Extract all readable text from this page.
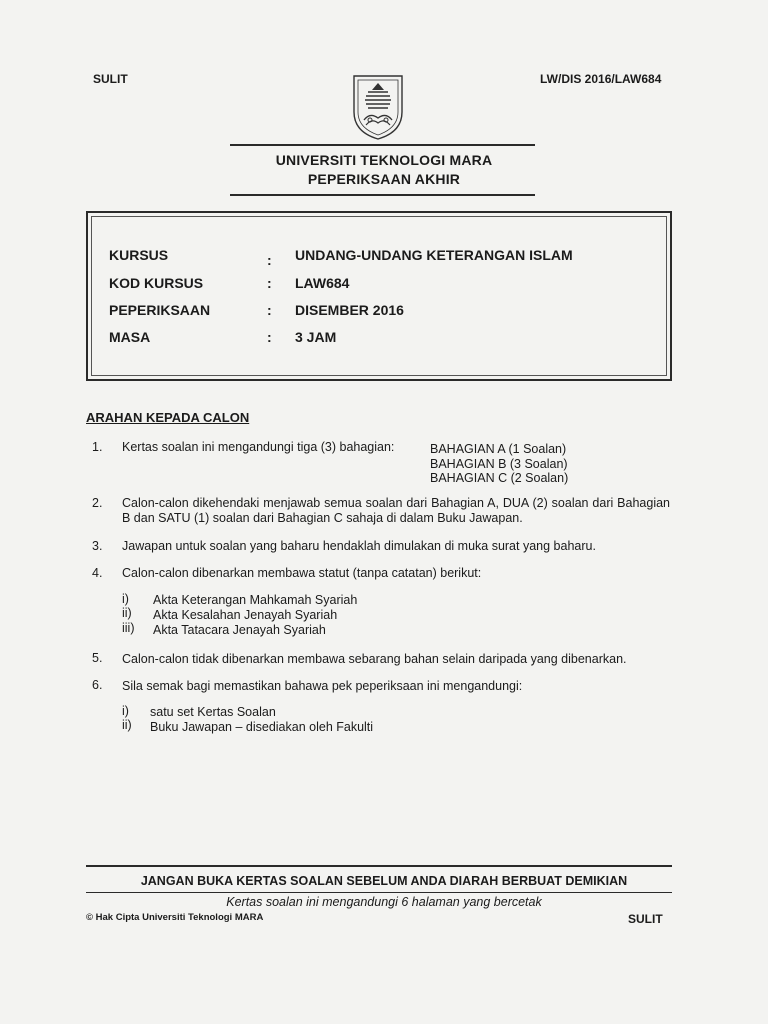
SULIT	LW/DIS 2016/LAW684
UNIVERSITI TEKNOLOGI MARA
PEPERIKSAAN AKHIR
KURSUS	: UNDANG-UNDANG KETERANGAN ISLAM
KOD KURSUS	: LAW684
PEPERIKSAAN	: DISEMBER 2016
MASA	: 3 JAM
ARAHAN KEPADA CALON
1. Kertas soalan ini mengandungi tiga (3) bahagian:	BAHAGIAN A (1 Soalan)
BAHAGIAN B (3 Soalan)
BAHAGIAN C (2 Soalan)
2. Calon-calon dikehendaki menjawab semua soalan dari Bahagian A, DUA (2) soalan dari Bahagian B dan SATU (1) soalan dari Bahagian C sahaja di dalam Buku Jawapan.
3. Jawapan untuk soalan yang baharu hendaklah dimulakan di muka surat yang baharu.
4. Calon-calon dibenarkan membawa statut (tanpa catatan) berikut:
i) Akta Keterangan Mahkamah Syariah
ii) Akta Kesalahan Jenayah Syariah
iii) Akta Tatacara Jenayah Syariah
5. Calon-calon tidak dibenarkan membawa sebarang bahan selain daripada yang dibenarkan.
6. Sila semak bagi memastikan bahawa pek peperiksaan ini mengandungi:
i) satu set Kertas Soalan
ii) Buku Jawapan – disediakan oleh Fakulti
JANGAN BUKA KERTAS SOALAN SEBELUM ANDA DIARAH BERBUAT DEMIKIAN
Kertas soalan ini mengandungi 6 halaman yang bercetak
© Hak Cipta Universiti Teknologi MARA	SULIT
